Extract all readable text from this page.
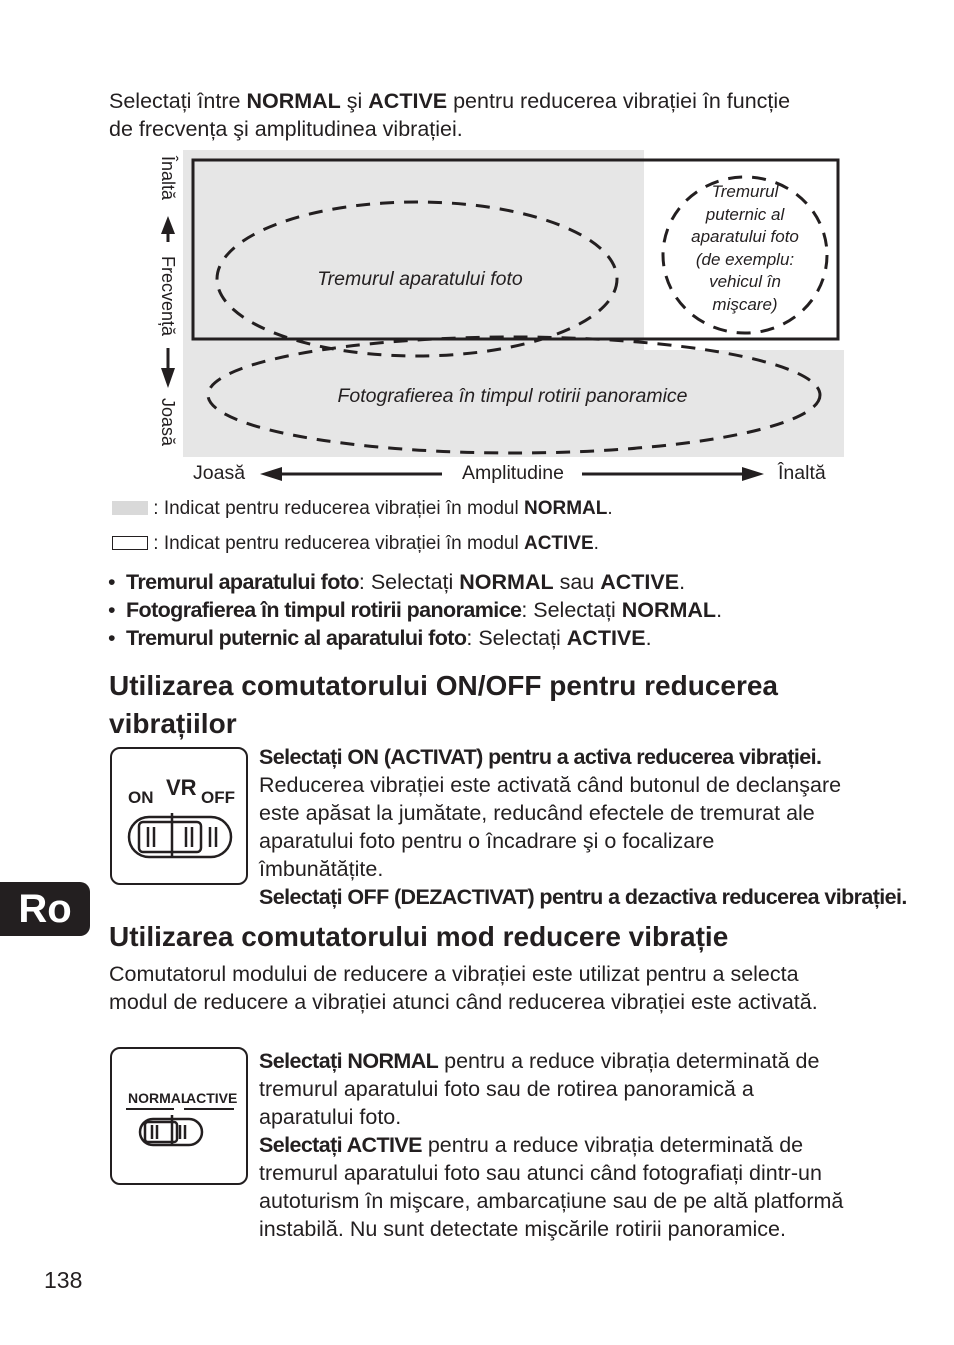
Selectați între NORMAL şi ACTIVE pentru reducerea vibrației în funcție de frecvența şi amplitudinea vibrației.

Înaltă
Frecvență
Joasă
Tremurul aparatului foto
Tremurul
puternic al
aparatului foto
(de exemplu:
vehicul în
mişcare)
Fotografierea în timpul rotirii panoramice
Joasă	Amplitudine	Înaltă
: Indicat pentru reducerea vibrației în modul NORMAL.
: Indicat pentru reducerea vibrației în modul ACTIVE.
• Tremurul aparatului foto: Selectați NORMAL sau ACTIVE.
• Fotografierea în timpul rotirii panoramice: Selectați NORMAL.
• Tremurul puternic al aparatului foto: Selectați ACTIVE.
Utilizarea comutatorului ON/OFF pentru reducerea vibrațiilor
ON VR OFF

Selectați ON (ACTIVAT) pentru a activa reducerea vibrației.

Reducerea vibrației este activată când butonul de declanşare este apăsat la jumătate, reducând efectele de tremurat ale aparatului foto pentru o încadrare şi o focalizare îmbunătățite.

Selectați OFF (DEZACTIVAT) pentru a dezactiva reducerea vibrației.

Ro
Utilizarea comutatorului mod reducere vibrație

Comutatorul modului de reducere a vibrației este utilizat pentru a selecta modul de reducere a vibrației atunci când reducerea vibrației este activată.

NORMAL
ACTIVE

Selectați NORMAL pentru a reduce vibrația determinată de tremurul aparatului foto sau de rotirea panoramică a aparatului foto.

Selectați ACTIVE pentru a reduce vibrația determinată de tremurul aparatului foto sau atunci când fotografiați dintr-un autoturism în mişcare, ambarcațiune sau de pe altă platformă instabilă. Nu sunt detectate mişcările rotirii panoramice.

138
